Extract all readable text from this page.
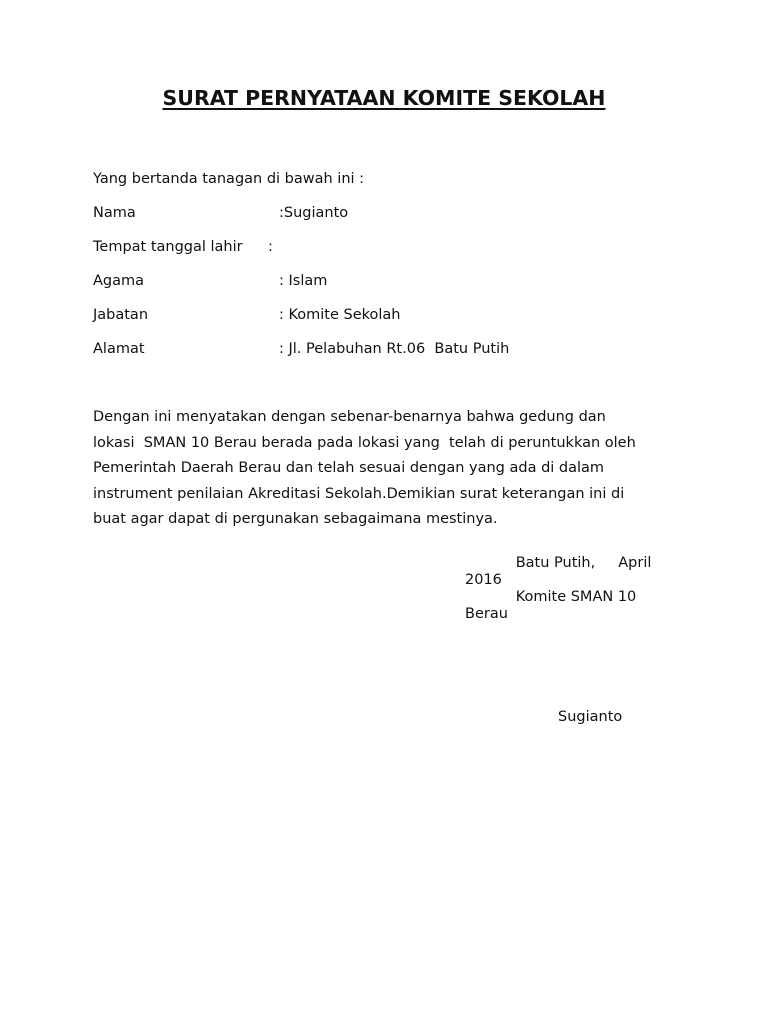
SURAT PERNYATAAN KOMITE SEKOLAH

Yang bertanda tanagan di bawah ini :

Nama	:Sugianto
Tempat tanggal lahir :
Agama	: Islam
Jabatan	: Komite Sekolah
Alamat	: Jl. Pelabuhan Rt.06  Batu Putih
Dengan ini menyatakan dengan sebenar-benarnya bahwa gedung dan
lokasi  SMAN 10 Berau berada pada lokasi yang  telah di peruntukkan oleh
Pemerintah Daerah Berau dan telah sesuai dengan yang ada di dalam
instrument penilaian Akreditasi Sekolah.Demikian surat keterangan ini di
buat agar dapat di pergunakan sebagaimana mestinya.
Batu Putih,     April
2016
Komite SMAN 10
Berau
Sugianto
